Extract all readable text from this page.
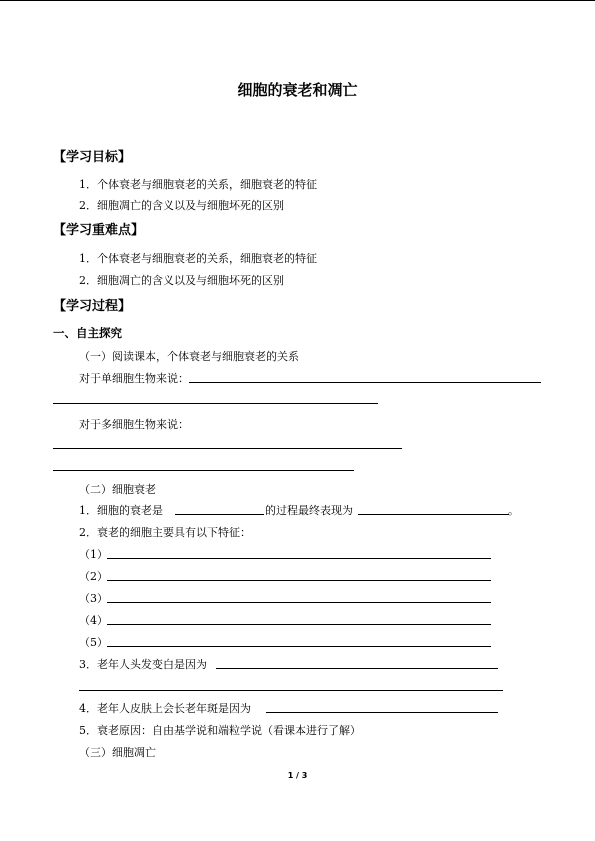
细胞的衰老和凋亡
【学习目标】
1．个体衰老与细胞衰老的关系，细胞衰老的特征
2．细胞凋亡的含义以及与细胞坏死的区别
【学习重难点】
1．个体衰老与细胞衰老的关系，细胞衰老的特征
2．细胞凋亡的含义以及与细胞坏死的区别
【学习过程】
一、自主探究
（一）阅读课本，个体衰老与细胞衰老的关系
对于单细胞生物来说：
对于多细胞生物来说：
（二）细胞衰老
1．细胞的衰老是	的过程最终表现为	。
2．衰老的细胞主要具有以下特征：
（1）
（2）
（3）
（4）
（5）
3．老年人头发变白是因为
4．老年人皮肤上会长老年斑是因为
5．衰老原因：自由基学说和端粒学说（看课本进行了解）
（三）细胞凋亡
1 / 3
